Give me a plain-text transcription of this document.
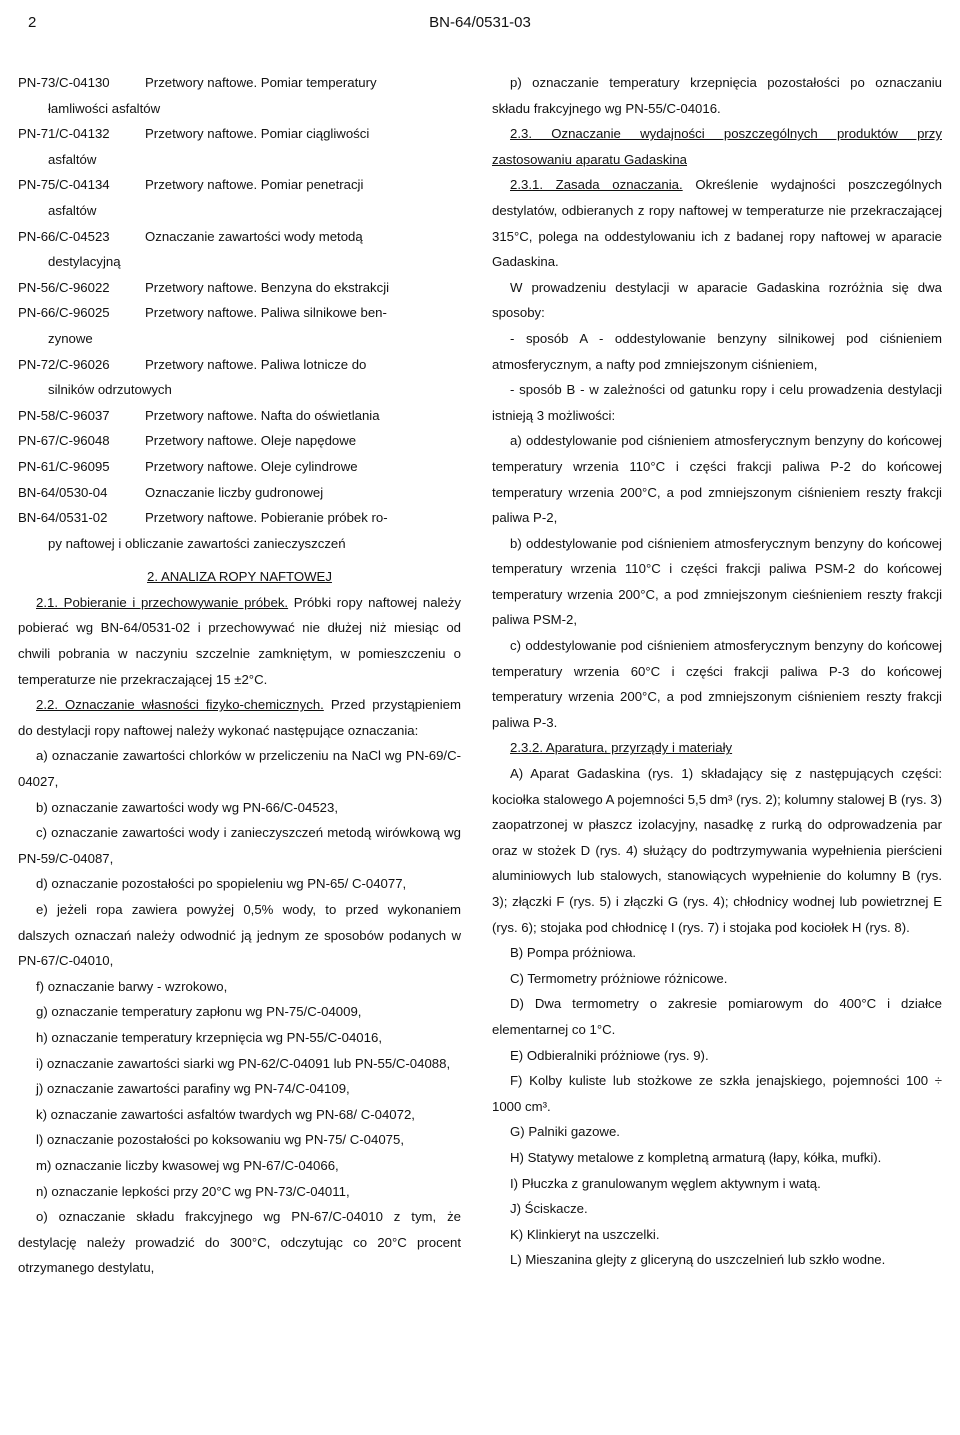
2	BN-64/0531-03
PN-73/C-04130	Przetwory naftowe. Pomiar temperatury
łamliwości asfaltów
PN-71/C-04132	Przetwory naftowe. Pomiar ciągliwości
asfaltów
PN-75/C-04134	Przetwory naftowe. Pomiar penetracji
asfaltów
PN-66/C-04523	Oznaczanie zawartości wody metodą
destylacyjną
PN-56/C-96022	Przetwory naftowe. Benzyna do ekstrakcji
PN-66/C-96025	Przetwory naftowe. Paliwa silnikowe ben-
zynowe
PN-72/C-96026	Przetwory naftowe. Paliwa lotnicze do
silników odrzutowych
PN-58/C-96037	Przetwory naftowe. Nafta do oświetlania
PN-67/C-96048	Przetwory naftowe. Oleje napędowe
PN-61/C-96095	Przetwory naftowe. Oleje cylindrowe
BN-64/0530-04	Oznaczanie liczby gudronowej
BN-64/0531-02	Przetwory naftowe. Pobieranie próbek ro-
py naftowej i obliczanie zawartości zanieczyszczeń

2. ANALIZA ROPY NAFTOWEJ

2.1. Pobieranie i przechowywanie próbek. Próbki ropy naftowej należy pobierać wg BN-64/0531-02 i przechowywać nie dłużej niż miesiąc od chwili pobrania w naczyniu szczelnie zamkniętym, w pomieszczeniu o temperaturze nie przekraczającej 15 ±2°C.

2.2. Oznaczanie własności fizyko-chemicznych. Przed przystąpieniem do destylacji ropy naftowej należy wykonać następujące oznaczania:

a) oznaczanie zawartości chlorków w przeliczeniu na NaCl wg PN-69/C-04027,

b) oznaczanie zawartości wody wg PN-66/C-04523,

c) oznaczanie zawartości wody i zanieczyszczeń metodą wirówkową wg PN-59/C-04087,

d) oznaczanie pozostałości po spopieleniu wg PN-65/ C-04077,

e) jeżeli ropa zawiera powyżej 0,5% wody, to przed wykonaniem dalszych oznaczań należy odwodnić ją jednym ze sposobów podanych w PN-67/C-04010,

f) oznaczanie barwy - wzrokowo,

g) oznaczanie temperatury zapłonu wg PN-75/C-04009,

h) oznaczanie temperatury krzepnięcia wg PN-55/C-04016,

i) oznaczanie zawartości siarki wg PN-62/C-04091 lub PN-55/C-04088,

j) oznaczanie zawartości parafiny wg PN-74/C-04109,

k) oznaczanie zawartości asfaltów twardych wg PN-68/ C-04072,

l) oznaczanie pozostałości po koksowaniu wg PN-75/ C-04075,

m) oznaczanie liczby kwasowej wg PN-67/C-04066,

n) oznaczanie lepkości przy 20°C wg PN-73/C-04011,

o) oznaczanie składu frakcyjnego wg PN-67/C-04010 z tym, że destylację należy prowadzić do 300°C, odczytując co 20°C procent otrzymanego destylatu,

p) oznaczanie temperatury krzepnięcia pozostałości po oznaczaniu składu frakcyjnego wg PN-55/C-04016.

2.3. Oznaczanie wydajności poszczególnych produktów przy zastosowaniu aparatu Gadaskina

2.3.1. Zasada oznaczania. Określenie wydajności poszczególnych destylatów, odbieranych z ropy naftowej w temperaturze nie przekraczającej 315°C, polega na oddestylowaniu ich z badanej ropy naftowej w aparacie Gadaskina.

W prowadzeniu destylacji w aparacie Gadaskina rozróżnia się dwa sposoby:

- sposób A - oddestylowanie benzyny silnikowej pod ciśnieniem atmosferycznym, a nafty pod zmniejszonym ciśnieniem,

- sposób B - w zależności od gatunku ropy i celu prowadzenia destylacji istnieją 3 możliwości:

a) oddestylowanie pod ciśnieniem atmosferycznym benzyny do końcowej temperatury wrzenia 110°C i części frakcji paliwa P-2 do końcowej temperatury wrzenia 200°C, a pod zmniejszonym ciśnieniem reszty frakcji paliwa P-2,

b) oddestylowanie pod ciśnieniem atmosferycznym benzyny do końcowej temperatury wrzenia 110°C i części frakcji paliwa PSM-2 do końcowej temperatury wrzenia 200°C, a pod zmniejszonym cieśnieniem reszty frakcji paliwa PSM-2,

c) oddestylowanie pod ciśnieniem atmosferycznym benzyny do końcowej temperatury wrzenia 60°C i części frakcji paliwa P-3 do końcowej temperatury wrzenia 200°C, a pod zmniejszonym ciśnieniem reszty frakcji paliwa P-3.

2.3.2. Aparatura, przyrządy i materiały

A) Aparat Gadaskina (rys. 1) składający się z następujących części: kociołka stalowego A pojemności 5,5 dm³ (rys. 2); kolumny stalowej B (rys. 3) zaopatrzonej w płaszcz izolacyjny, nasadkę z rurką do odprowadzenia par oraz w stożek D (rys. 4) służący do podtrzymywania wypełnienia pierścieni aluminiowych lub stalowych, stanowiących wypełnienie do kolumny B (rys. 3); złączki F (rys. 5) i złączki G (rys. 4); chłodnicy wodnej lub powietrznej E (rys. 6); stojaka pod chłodnicę I (rys. 7) i stojaka pod kociołek H (rys. 8).

B) Pompa próżniowa.

C) Termometry próżniowe różnicowe.

D) Dwa termometry o zakresie pomiarowym do 400°C i działce elementarnej co 1°C.

E) Odbieralniki próżniowe (rys. 9).

F) Kolby kuliste lub stożkowe ze szkła jenajskiego, pojemności 100 ÷ 1000 cm³.

G) Palniki gazowe.

H) Statywy metalowe z kompletną armaturą (łapy, kółka, mufki).

I) Płuczka z granulowanym węglem aktywnym i watą.

J) Ściskacze.

K) Klinkieryt na uszczelki.

L) Mieszanina glejty z gliceryną do uszczelnień lub szkło wodne.
